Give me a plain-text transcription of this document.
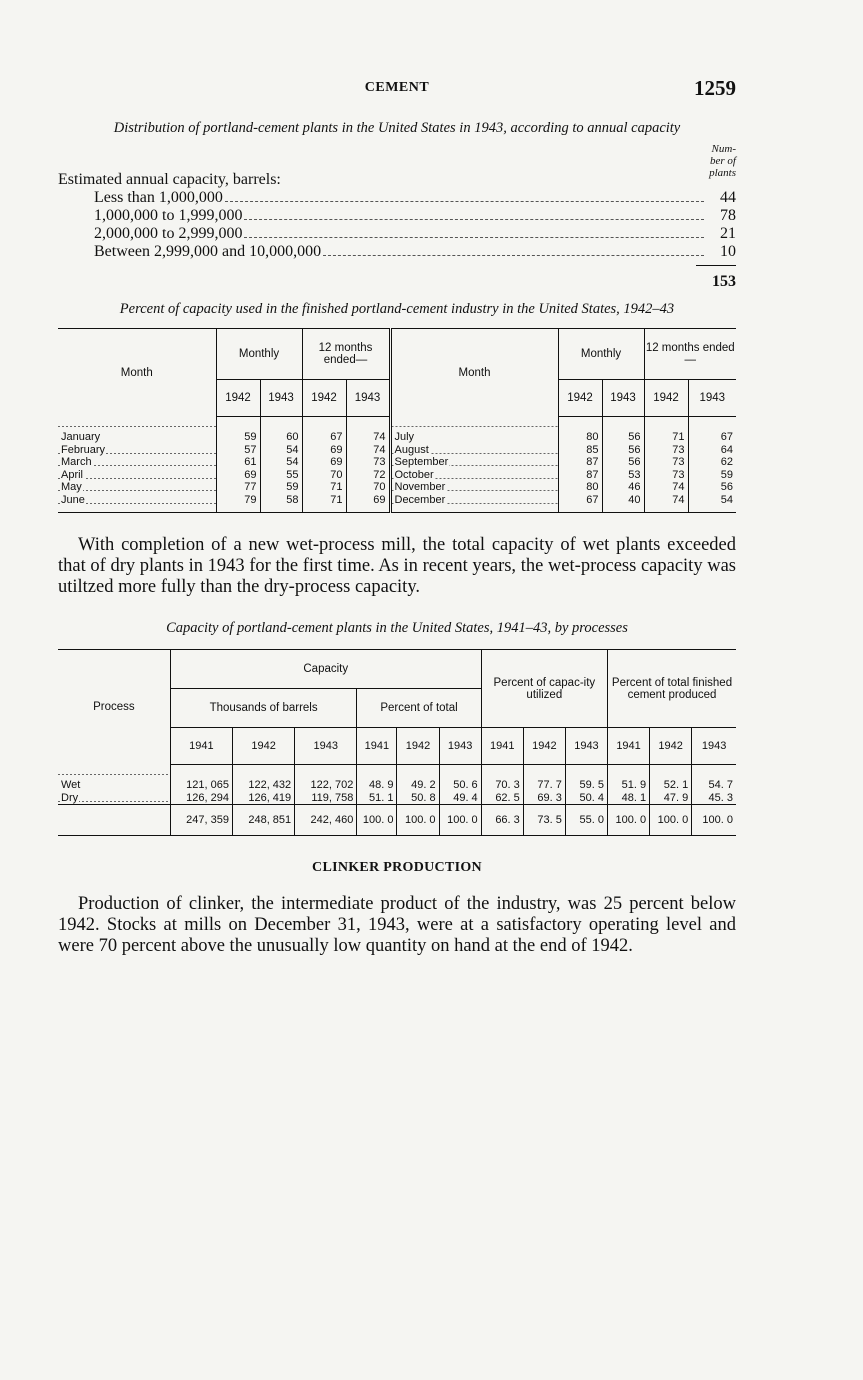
CEMENT	1259
Distribution of portland-cement plants in the United States in 1943, according to annual capacity
Num-
ber of
plants
Estimated annual capacity, barrels:
Less than 1,000,000	44
1,000,000 to 1,999,000	78
2,000,000 to 2,999,000	21
Between 2,999,000 and 10,000,000	10
153
Percent of capacity used in the finished portland-cement industry in the United States, 1942–43
Month	Monthly		12 months ended—		Month	Monthly		12 months ended—	
	1942	1943	1942	1943		1942	1943	1942	1943
January	59	60	67	74	July	80	56	71	67
February	57	54	69	74	August	85	56	73	64
March	61	54	69	73	September	87	56	73	62
April	69	55	70	72	October	87	53	73	59
May	77	59	71	70	November	80	46	74	56
June	79	58	71	69	December	67	40	74	54

With completion of a new wet-process mill, the total capacity of wet plants exceeded that of dry plants in 1943 for the first time. As in recent years, the wet-process capacity was utiltzed more fully than the dry-process capacity.

Capacity of portland-cement plants in the United States, 1941–43, by processes
Process	Capacity						Percent of capac-ity utilized			Percent of total finished cement produced		
	Thousands of barrels			Percent of total								
	1941	1942	1943	1941	1942	1943	1941	1942	1943	1941	1942	1943
Wet	121, 065	122, 432	122, 702	48. 9	49. 2	50. 6	70. 3	77. 7	59. 5	51. 9	52. 1	54. 7
Dry	126, 294	126, 419	119, 758	51. 1	50. 8	49. 4	62. 5	69. 3	50. 4	48. 1	47. 9	45. 3
	247, 359	248, 851	242, 460	100. 0	100. 0	100. 0	66. 3	73. 5	55. 0	100. 0	100. 0	100. 0
CLINKER PRODUCTION

Production of clinker, the intermediate product of the industry, was 25 percent below 1942. Stocks at mills on December 31, 1943, were at a satisfactory operating level and were 70 percent above the unusually low quantity on hand at the end of 1942.
